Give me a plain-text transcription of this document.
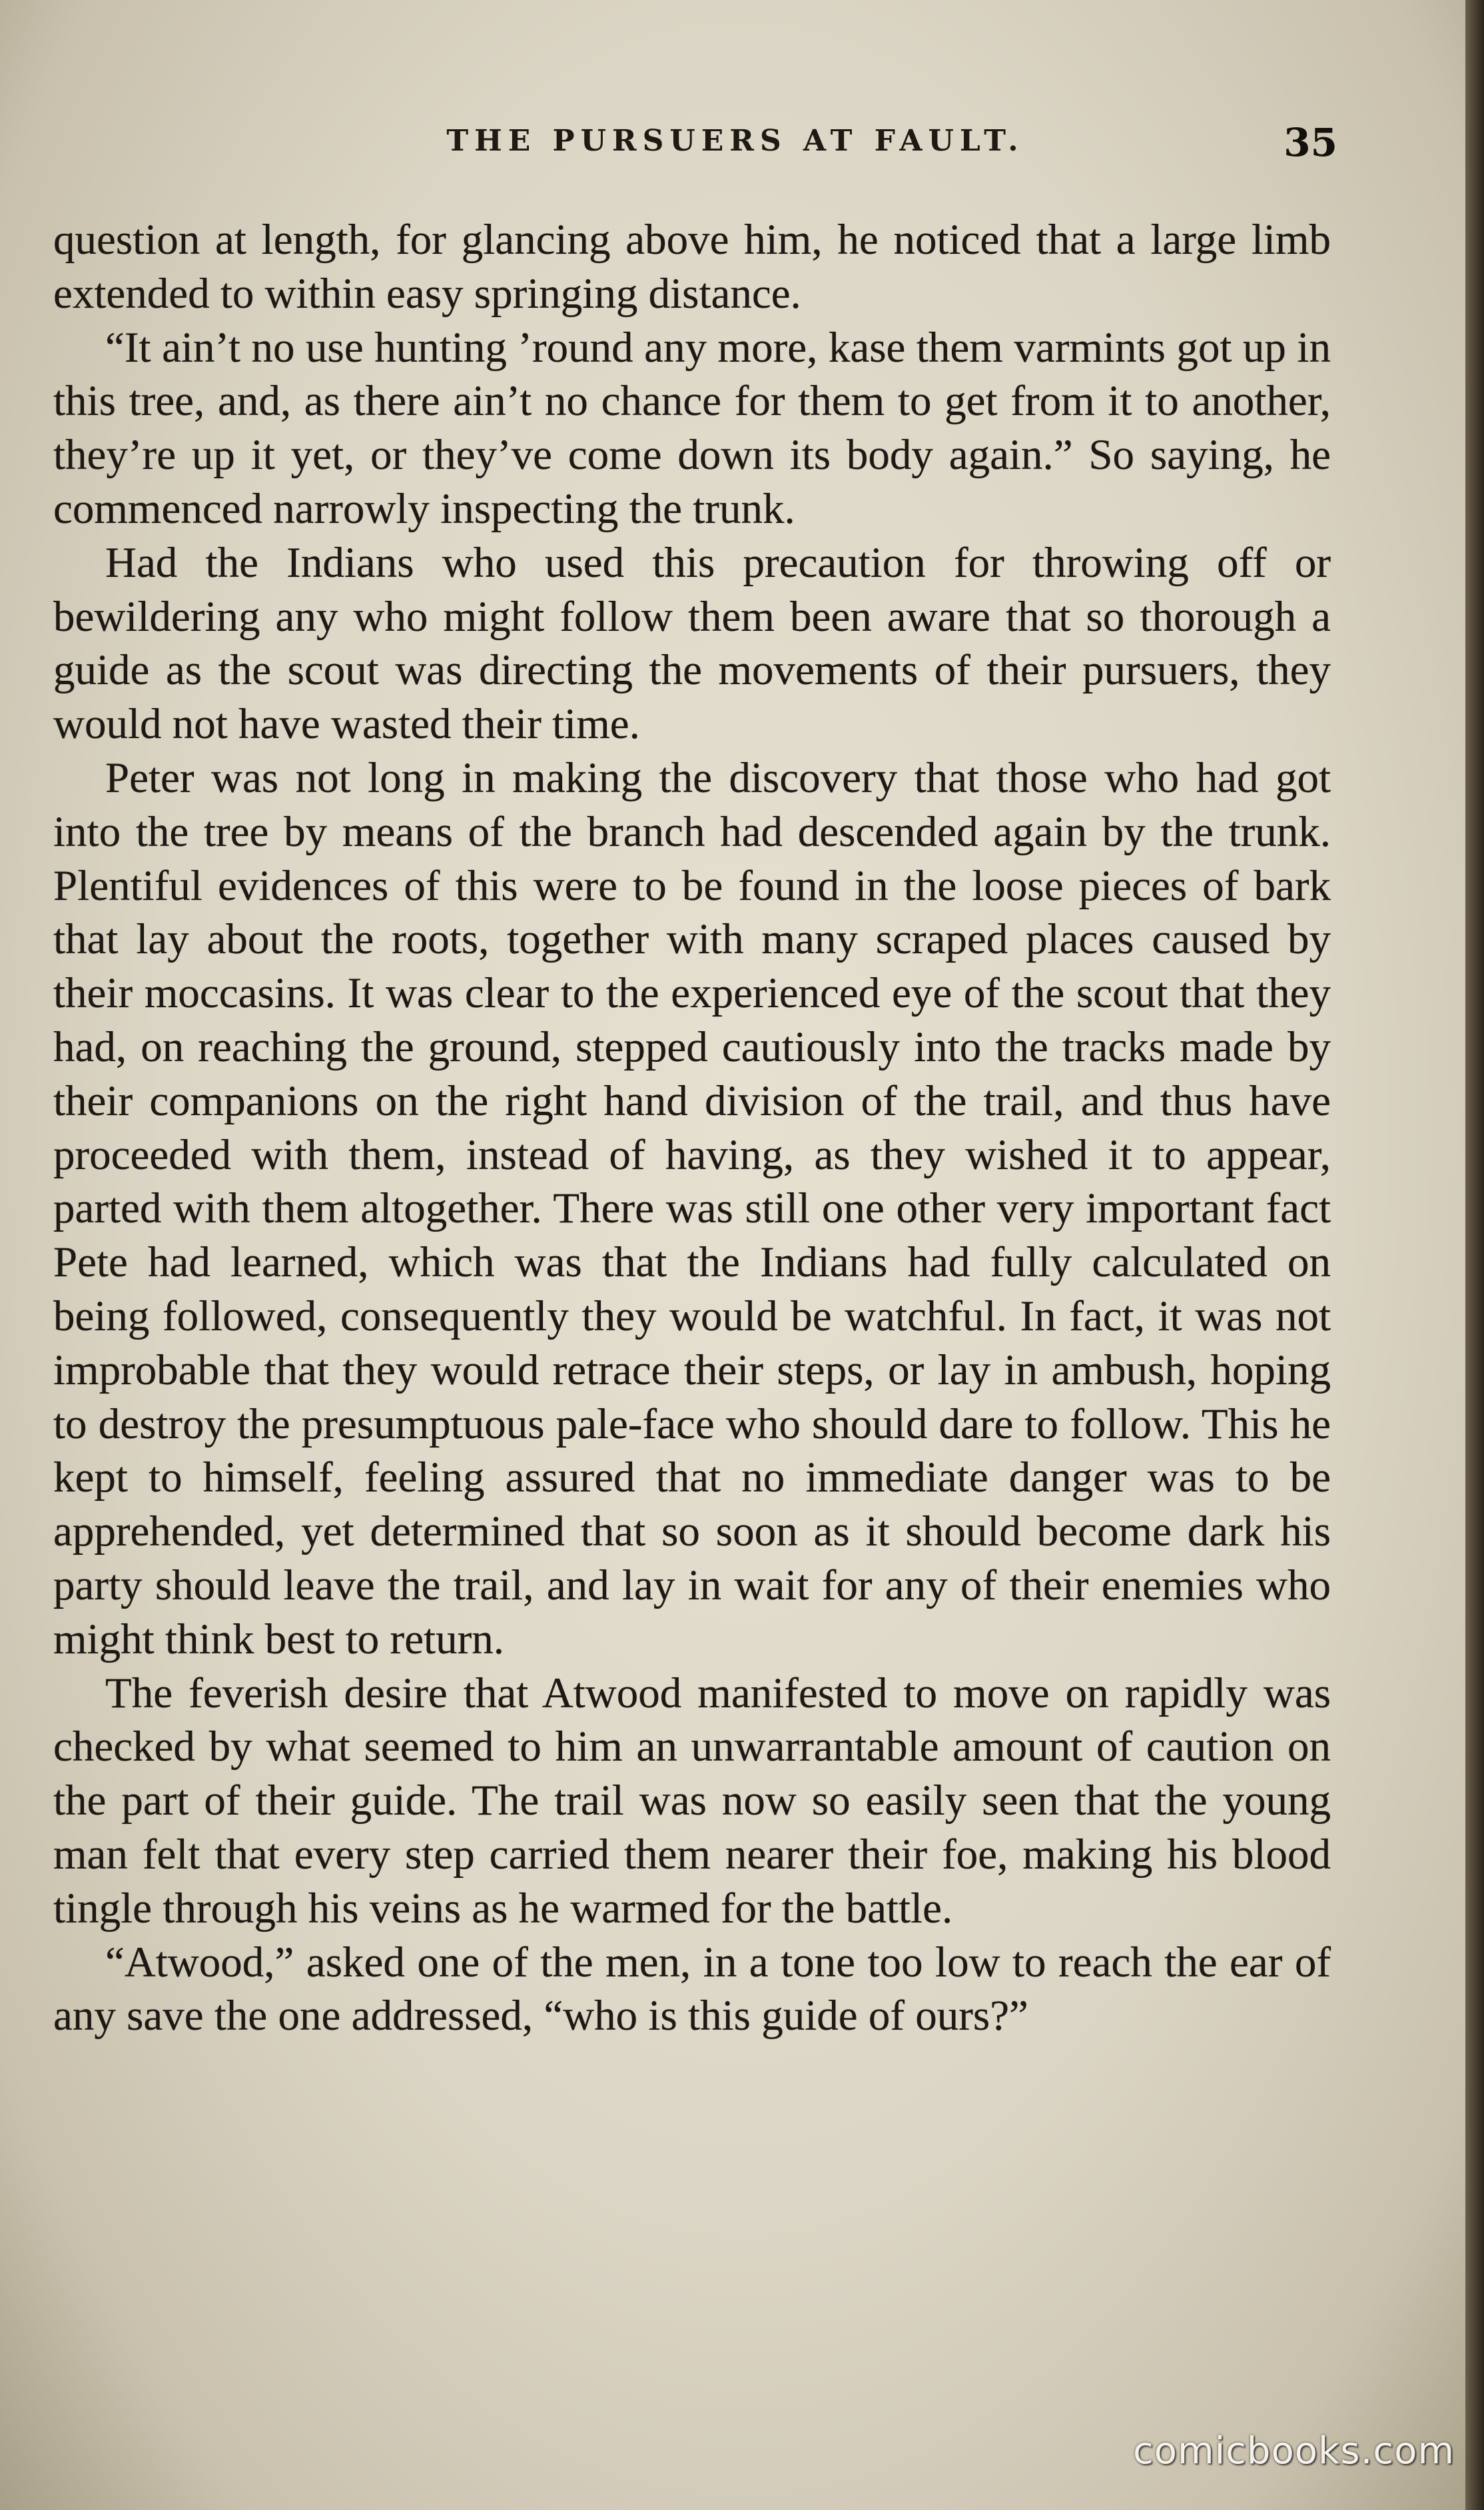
THE PURSUERS AT FAULT.	35

question at length, for glancing above him, he noticed that a large limb extended to within easy springing distance.

“It ain’t no use hunting ’round any more, kase them varmints got up in this tree, and, as there ain’t no chance for them to get from it to another, they’re up it yet, or they’ve come down its body again.” So saying, he commenced narrowly inspecting the trunk.

Had the Indians who used this precaution for throwing off or bewildering any who might follow them been aware that so thorough a guide as the scout was directing the movements of their pursuers, they would not have wasted their time.

Peter was not long in making the discovery that those who had got into the tree by means of the branch had descended again by the trunk. Plentiful evidences of this were to be found in the loose pieces of bark that lay about the roots, together with many scraped places caused by their moccasins. It was clear to the experienced eye of the scout that they had, on reaching the ground, stepped cautiously into the tracks made by their companions on the right hand division of the trail, and thus have proceeded with them, instead of having, as they wished it to appear, parted with them altogether. There was still one other very important fact Pete had learned, which was that the Indians had fully calculated on being followed, consequently they would be watchful. In fact, it was not improbable that they would retrace their steps, or lay in ambush, hoping to destroy the presumptuous pale-face who should dare to follow. This he kept to himself, feeling assured that no immediate danger was to be apprehended, yet determined that so soon as it should become dark his party should leave the trail, and lay in wait for any of their enemies who might think best to return.

The feverish desire that Atwood manifested to move on rapidly was checked by what seemed to him an unwarrantable amount of caution on the part of their guide. The trail was now so easily seen that the young man felt that every step carried them nearer their foe, making his blood tingle through his veins as he warmed for the battle.

“Atwood,” asked one of the men, in a tone too low to reach the ear of any save the one addressed, “who is this guide of ours?”

comicbooks.com
